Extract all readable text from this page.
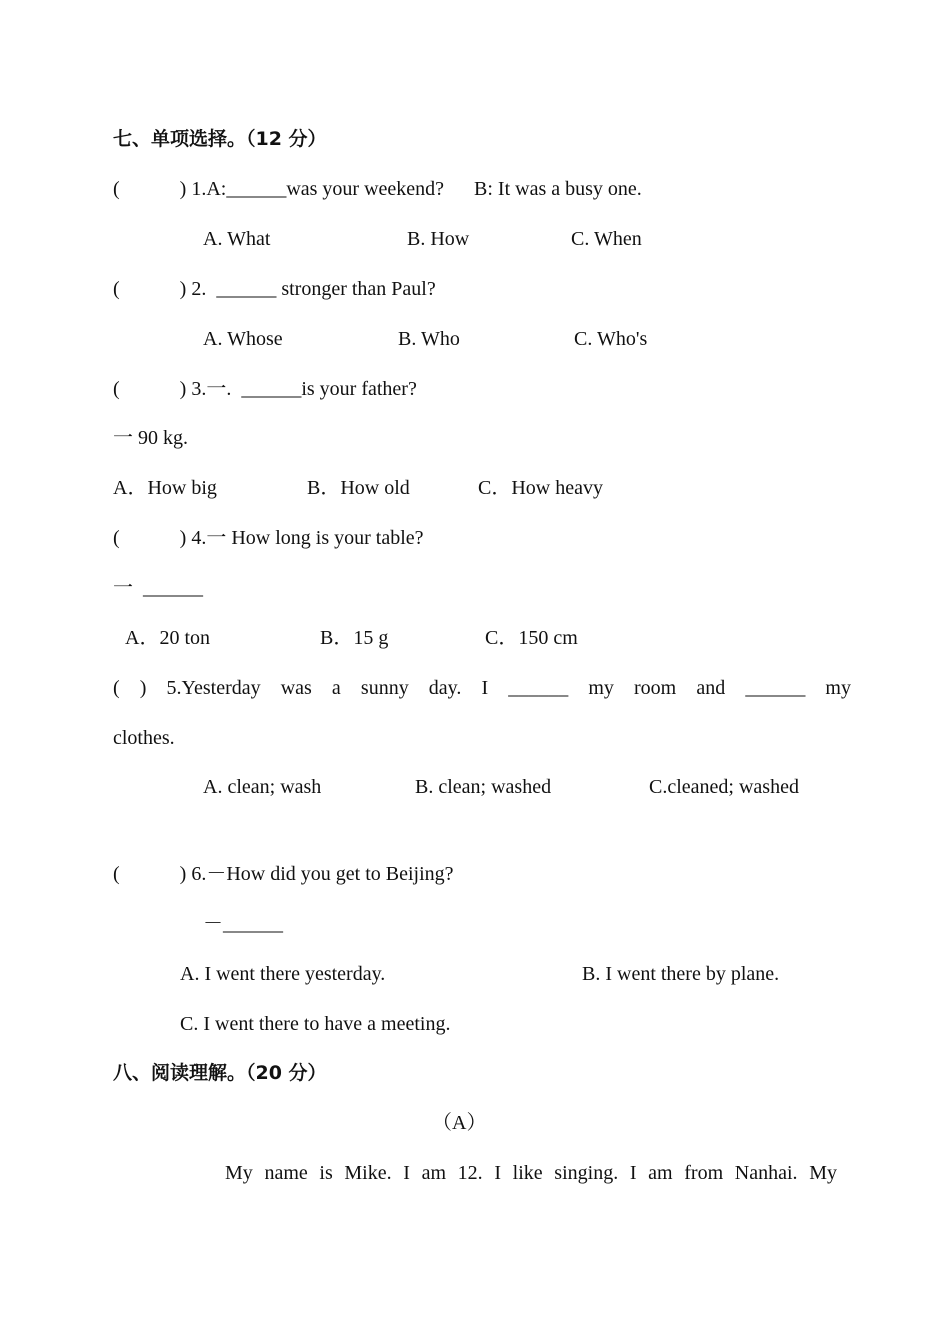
七、单项选择。（12 分）
(            ) 1.A:______was your weekend?      B: It was a busy one.
A. What	B. How	C. When
(            ) 2.  ______ stronger than Paul?
A. Whose	B. Who	C. Who's
(            ) 3.一.  ______is your father?
一 90 kg.
A．How big	B．How old	C．How heavy
(            ) 4.一 How long is your table?
一  ______
A．20 ton	B．15 g	C．150 cm
( ) 5.Yesterday was a sunny day. I ______ my room and ______ my
clothes.
A. clean; wash	B. clean; washed	C.cleaned; washed
(            ) 6.－How did you get to Beijing?
－______
A. I went there yesterday.	B. I went there by plane.
C. I went there to have a meeting.
八、阅读理解。（20 分）
（A）
My name is Mike. I am 12. I like singing. I am from Nanhai. My
